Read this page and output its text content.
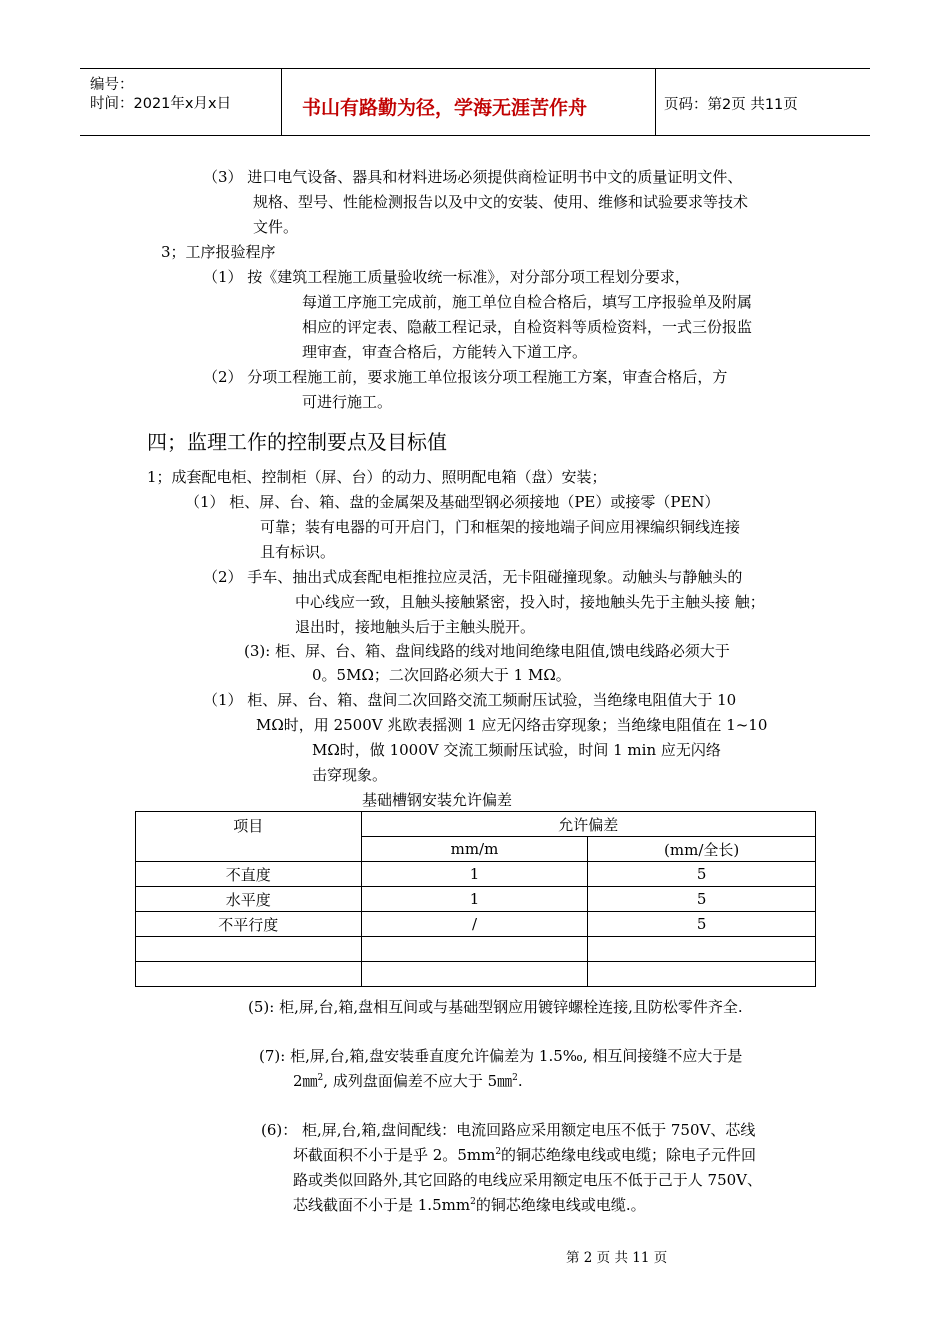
编号：
时间：2021年x月x日	书山有路勤为径，学海无涯苦作舟	页码：第2页 共11页
（3） 进口电气设备、器具和材料进场必须提供商检证明书中文的质量证明文件、
规格、型号、性能检测报告以及中文的安装、使用、维修和试验要求等技术
文件。
3；工序报验程序
（1） 按《建筑工程施工质量验收统一标准》，对分部分项工程划分要求，
每道工序施工完成前，施工单位自检合格后，填写工序报验单及附属
相应的评定表、隐蔽工程记录，自检资料等质检资料，一式三份报监
理审查，审查合格后，方能转入下道工序。
（2） 分项工程施工前，要求施工单位报该分项工程施工方案，审查合格后，方
可进行施工。
四；监理工作的控制要点及目标值
1；成套配电柜、控制柜（屏、台）的动力、照明配电箱（盘）安装；
（1） 柜、屏、台、箱、盘的金属架及基础型钢必须接地（PE）或接零（PEN）
可靠；装有电器的可开启门，门和框架的接地端子间应用裸编织铜线连接
且有标识。
（2） 手车、抽出式成套配电柜推拉应灵活，无卡阻碰撞现象。动触头与静触头的
中心线应一致，且触头接触紧密，投入时，接地触头先于主触头接 触；
退出时，接地触头后于主触头脱开。
(3): 柜、屏、台、箱、盘间线路的线对地间绝缘电阻值,馈电线路必须大于
0。5MΩ；二次回路必须大于 1 MΩ。
（1） 柜、屏、台、箱、盘间二次回路交流工频耐压试验，当绝缘电阻值大于 10
MΩ时，用 2500V 兆欧表摇测 1 应无闪络击穿现象；当绝缘电阻值在 1~10
MΩ时，做 1000V 交流工频耐压试验，时间 1 min 应无闪络
击穿现象。
基础槽钢安装允许偏差
项目	允许偏差	
	mm/m	(mm/全长)
不直度	1	5
水平度	1	5
不平行度	/	5

(5): 柜,屏,台,箱,盘相互间或与基础型钢应用镀锌螺栓连接,且防松零件齐全.
(7): 柜,屏,台,箱,盘安装垂直度允许偏差为 1.5‰, 相互间接缝不应大于是
2㎜$^2$, 成列盘面偏差不应大于 5㎜$^2$.
(6)： 柜,屏,台,箱,盘间配线：电流回路应采用额定电压不低于 750V、芯线
坏截面积不小于是乎 2。$5mm^2$的铜芯绝缘电线或电缆；除电子元件回
路或类似回路外,其它回路的电线应采用额定电压不低于己于人 750V、
芯线截面不小于是 $1.5mm^2$的铜芯绝缘电线或电缆.。
第 2 页 共 11 页
